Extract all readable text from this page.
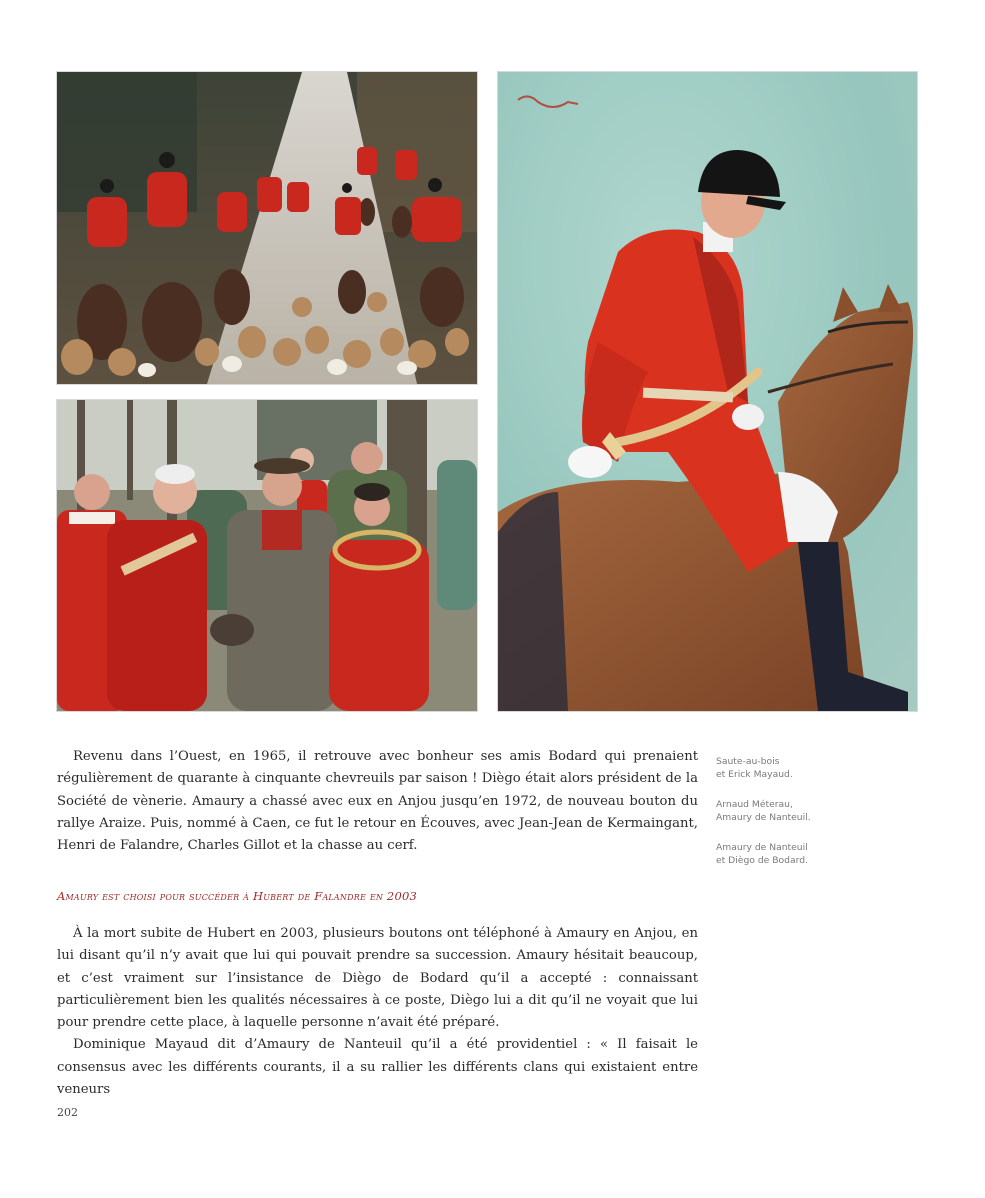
Revenu dans l’Ouest, en 1965, il retrouve avec bonheur ses amis Bodard qui prenaient régulièrement de quarante à cinquante chevreuils par saison ! Diègo était alors président de la Société de vènerie. Amaury a chassé avec eux en Anjou jusqu’en 1972, de nouveau bouton du rallye Araize. Puis, nommé à Caen, ce fut le retour en Écouves, avec Jean-Jean de Kermaingant, Henri de Falandre, Charles Gillot et la chasse au cerf.

Amaury est choisi pour succéder à Hubert de Falandre en 2003

À la mort subite de Hubert en 2003, plusieurs boutons ont téléphoné à Amaury en Anjou, en lui disant qu’il n’y avait que lui qui pouvait prendre sa succession. Amaury hésitait beaucoup, et c’est vraiment sur l’insistance de Diègo de Bodard qu’il a accepté : connaissant particulièrement bien les qualités nécessaires à ce poste, Diègo lui a dit qu’il ne voyait que lui pour prendre cette place, à laquelle personne n’avait été préparé.

Dominique Mayaud dit d’Amaury de Nanteuil qu’il a été providentiel : « Il faisait le consensus avec les différents courants, il a su rallier les différents clans qui existaient entre veneurs

Saute-au-bois
et Erick Mayaud.
Arnaud Méterau,
Amaury de Nanteuil.
Amaury de Nanteuil
et Diègo de Bodard.
202
